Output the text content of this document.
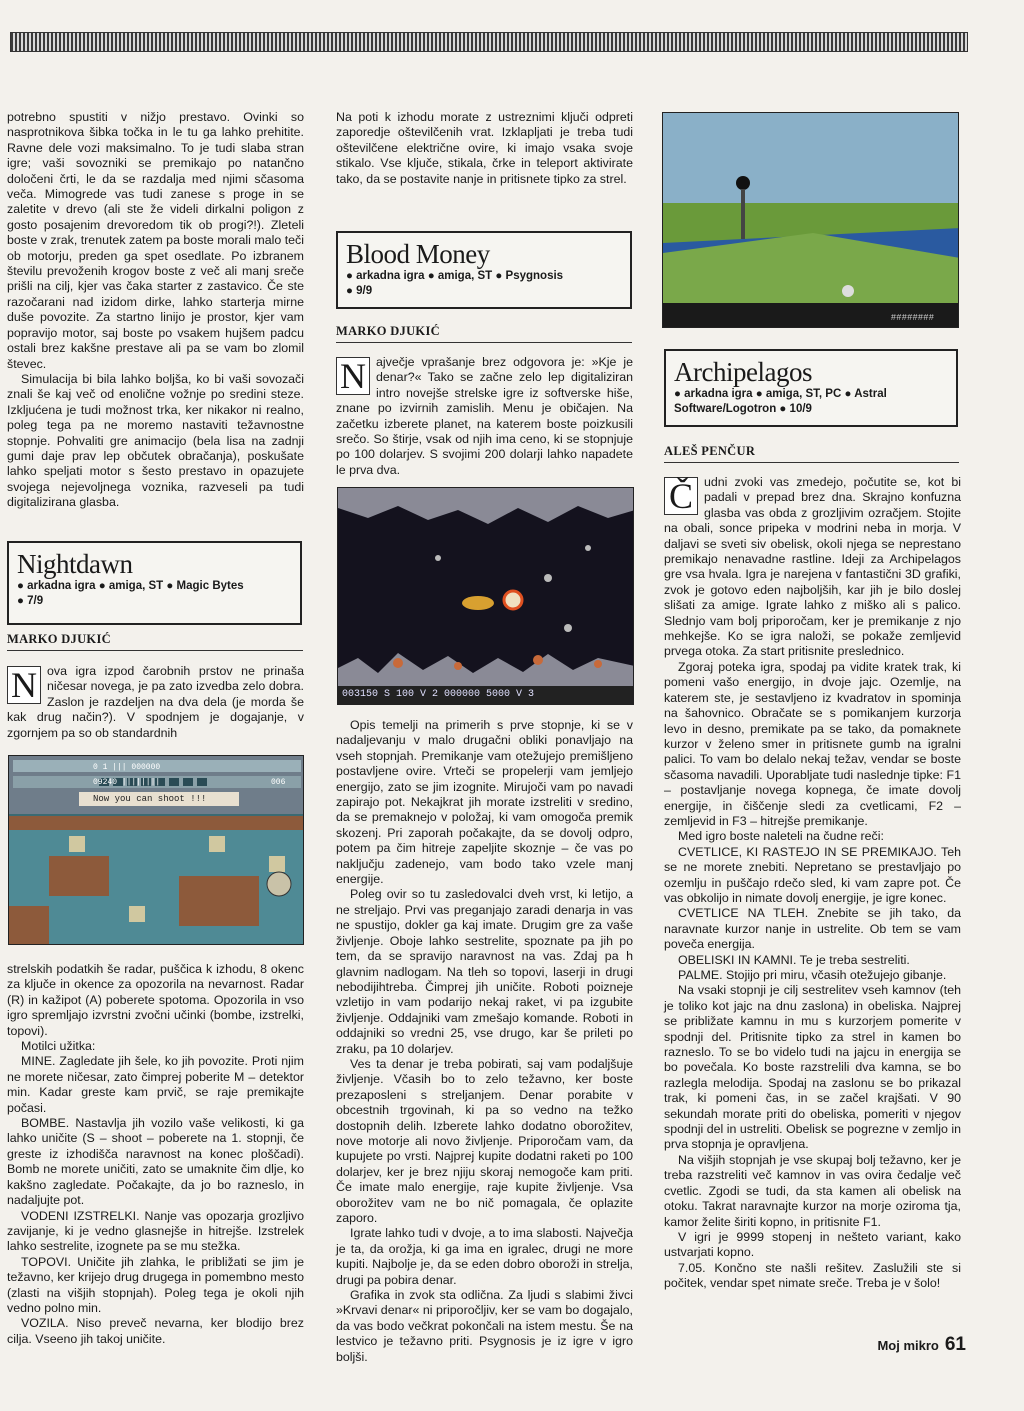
potrebno spustiti v nižjo prestavo. Ovinki so nasprotnikova šibka točka in le tu ga lahko prehitite. Ravne dele vozi maksimalno. To je tudi slaba stran igre; vaši sovozniki se premikajo po natančno določeni črti, le da se razdalja med njimi sčasoma veča. Mimogrede vas tudi zanese s proge in se zaletite v drevo (ali ste že videli dirkalni poligon z gosto posajenim drevoredom tik ob progi?!). Zleteli boste v zrak, trenutek zatem pa boste morali malo teči ob motorju, preden ga spet osedlate. Po izbranem številu prevoženih krogov boste z več ali manj sreče prišli na cilj, kjer vas čaka starter z zastavico. Če ste razočarani nad izidom dirke, lahko starterja mirne duše povozite. Za startno linijo je prostor, kjer vam popravijo motor, saj boste po vsakem hujšem padcu ostali brez kakšne prestave ali pa se vam bo zlomil števec.

Simulacija bi bila lahko boljša, ko bi vaši sovozači znali še kaj več od enolične vožnje po sredini steze. Izkljućena je tudi možnost trka, ker nikakor ni realno, poleg tega pa ne moremo nastaviti težavnostne stopnje. Pohvaliti gre animacijo (bela lisa na zadnji gumi daje prav lep občutek obračanja), poskušate lahko speljati motor s šesto prestavo in opazujete svojega nejevoljnega voznika, razveseli pa tudi digitalizirana glasba.

Nightdawn
● arkadna igra ● amiga, ST ● Magic Bytes
● 7/9
MARKO DJUKIĆ
N ova igra izpod čarobnih prstov ne prinaša ničesar novega, je pa zato izvedba zelo dobra. Zaslon je razdeljen na dva dela (je morda še kak drug način?). V spodnjem je dogajanje, v zgornjem pa so ob standardnih

Now you can shoot !!!
0 1 ||| 000000
09240 ||||||||	006

strelskih podatkih še radar, puščica k izhodu, 8 okenc za ključe in okence za opozorila na nevarnost. Radar (R) in kažipot (A) poberete spotoma. Opozorila in vso igro spremljajo izvrstni zvočni učinki (bombe, izstrelki, topovi).

Motilci užitka:

MINE. Zagledate jih šele, ko jih povozite. Proti njim ne morete ničesar, zato čimprej poberite M – detektor min. Kadar greste kam prvič, se raje premikajte počasi.

BOMBE. Nastavlja jih vozilo vaše velikosti, ki ga lahko uničite (S – shoot – poberete na 1. stopnji, če greste iz izhodišča naravnost na konec ploščadi). Bomb ne morete uničiti, zato se umaknite čim dlje, ko kakšno zagledate. Počakajte, da jo bo razneslo, in nadaljujte pot.

VODENI IZSTRELKI. Nanje vas opozarja grozljivo zavijanje, ki je vedno glasnejše in hitrejše. Izstrelek lahko sestrelite, izognete pa se mu stežka.

TOPOVI. Uničite jih zlahka, le približati se jim je težavno, ker krijejo drug drugega in pomembno mesto (zlasti na višjih stopnjah). Poleg tega je okoli njih vedno polno min.

VOZILA. Niso preveč nevarna, ker blodijo brez cilja. Vseeno jih takoj uničite.

Na poti k izhodu morate z ustreznimi ključi odpreti zaporedje oštevilčenih vrat. Izklapljati je treba tudi oštevilčene električne ovire, ki imajo vsaka svoje stikalo. Vse ključe, stikala, črke in teleport aktivirate tako, da se postavite nanje in pritisnete tipko za strel.

Blood Money
● arkadna igra ● amiga, ST ● Psygnosis
● 9/9
MARKO DJUKIĆ
N ajvečje vprašanje brez odgovora je: »Kje je denar?« Tako se začne zelo lep digitaliziran intro novejše strelske igre iz softverske hiše, znane po izvirnih zamislih. Menu je običajen. Na začetku izberete planet, na katerem boste poizkusili srečo. So štirje, vsak od njih ima ceno, ki se stopnjuje po 100 dolarjev. S svojimi 200 dolarji lahko napadete le prva dva.

003150 S 100 V 2 000000 5000 V 3

Opis temelji na primerih s prve stopnje, ki se v nadaljevanju v malo drugačni obliki ponavljajo na vseh stopnjah. Premikanje vam otežujejo premišljeno postavljene ovire. Vrteči se propelerji vam jemljejo energijo, zato se jim izognite. Mirujoči vam po navadi zapirajo pot. Nekajkrat jih morate izstreliti v sredino, da se premaknejo v položaj, ki vam omogoča premik skozenj. Pri zaporah počakajte, da se dovolj odpro, potem pa čim hitreje zapeljite skoznje – če vas po naključju zadenejo, vam bodo tako vzele manj energije.

Poleg ovir so tu zasledovalci dveh vrst, ki letijo, a ne streljajo. Prvi vas preganjajo zaradi denarja in vas ne spustijo, dokler ga kaj imate. Drugim gre za vaše življenje. Oboje lahko sestrelite, spoznate pa jih po tem, da se spravijo naravnost na vas. Zdaj pa h glavnim nadlogam. Na tleh so topovi, laserji in drugi nebodijihtreba. Čimprej jih uničite. Roboti poizneje vzletijo in vam podarijo nekaj raket, vi pa izgubite življenje. Oddajniki vam zmešajo komande. Roboti in oddajniki so vredni 25, vse drugo, kar še prileti po zraku, pa 10 dolarjev.

Ves ta denar je treba pobirati, saj vam podaljšuje življenje. Včasih bo to zelo težavno, ker boste prezaposleni s streljanjem. Denar porabite v obcestnih trgovinah, ki pa so vedno na težko dostopnih delih. Izberete lahko dodatno oborožitev, nove motorje ali novo življenje. Priporočam vam, da kupujete po vrsti. Najprej kupite dodatni raketi po 100 dolarjev, ker je brez njiju skoraj nemogoče kam priti. Če imate malo energije, raje kupite življenje. Vsa oborožitev vam ne bo nič pomagala, če oplazite zaporo.

Igrate lahko tudi v dvoje, a to ima slabosti. Največja je ta, da orožja, ki ga ima en igralec, drugi ne more kupiti. Najbolje je, da se eden dobro oboroži in strelja, drugi pa pobira denar.

Grafika in zvok sta odlična. Za ljudi s slabimi živci »Krvavi denar« ni priporočljiv, ker se vam bo dogajalo, da vas bodo večkrat pokončali na istem mestu. Še na lestvico je težavno priti. Psygnosis je iz igre v igro boljši.

########
Archipelagos
● arkadna igra ● amiga, ST, PC ● Astral
Software/Logotron ● 10/9
ALEŠ PENČUR
Č udni zvoki vas zmedejo, počutite se, kot bi padali v prepad brez dna. Skrajno konfuzna glasba vas obda z grozljivim ozračjem. Stojite na obali, sonce pripeka v modrini neba in morja. V daljavi se sveti siv obelisk, okoli njega se neprestano premikajo nenavadne rastline. Ideji za Archipelagos gre vsa hvala. Igra je narejena v fantastični 3D grafiki, zvok je gotovo eden najboljših, kar jih je bilo doslej slišati za amige. Igrate lahko z miško ali s palico. Slednjo vam bolj priporočam, ker je premikanje z njo mehkejše. Ko se igra naloži, se pokaže zemljevid prvega otoka. Za start pritisnite preslednico.

Zgoraj poteka igra, spodaj pa vidite kratek trak, ki pomeni vašo energijo, in dvoje jajc. Ozemlje, na katerem ste, je sestavljeno iz kvadratov in spominja na šahovnico. Obračate se s pomikanjem kurzorja levo in desno, premikate pa se tako, da pomaknete kurzor v želeno smer in pritisnete gumb na igralni palici. To vam bo delalo nekaj težav, vendar se boste sčasoma navadili. Uporabljate tudi naslednje tipke: F1 – postavljanje novega kopnega, če imate dovolj energije, in čiščenje sledi za cvetlicami, F2 – zemljevid in F3 – hitrejše premikanje.

Med igro boste naleteli na čudne reči:

CVETLICE, KI RASTEJO IN SE PREMIKAJO. Teh se ne morete znebiti. Nepretano se prestavljajo po ozemlju in puščajo rdečo sled, ki vam zapre pot. Če vas obkolijo in nimate dovolj energije, je igre konec.

CVETLICE NA TLEH. Znebite se jih tako, da naravnate kurzor nanje in ustrelite. Ob tem se vam poveča energija.

OBELISKI IN KAMNI. Te je treba sestreliti.

PALME. Stojijo pri miru, včasih otežujejo gibanje.

Na vsaki stopnji je cilj sestrelitev vseh kamnov (teh je toliko kot jajc na dnu zaslona) in obeliska. Najprej se približate kamnu in mu s kurzorjem pomerite v spodnji del. Pritisnite tipko za strel in kamen bo razneslo. To se bo videlo tudi na jajcu in energija se bo povečala. Ko boste razstrelili dva kamna, se bo razlegla melodija. Spodaj na zaslonu se bo prikazal trak, ki pomeni čas, in se začel krajšati. V 90 sekundah morate priti do obeliska, pomeriti v njegov spodnji del in ustreliti. Obelisk se pogrezne v zemljo in prva stopnja je opravljena.

Na višjih stopnjah je vse skupaj bolj težavno, ker je treba razstreliti več kamnov in vas ovira čedalje več cvetlic. Zgodi se tudi, da sta kamen ali obelisk na otoku. Takrat naravnajte kurzor na morje oziroma tja, kamor želite širiti kopno, in pritisnite F1.

V igri je 9999 stopenj in nešteto variant, kako ustvarjati kopno.

7.05. Končno ste našli rešitev. Zaslužili ste si počitek, vendar spet nimate sreče. Treba je v šolo!

Moj mikro 61
